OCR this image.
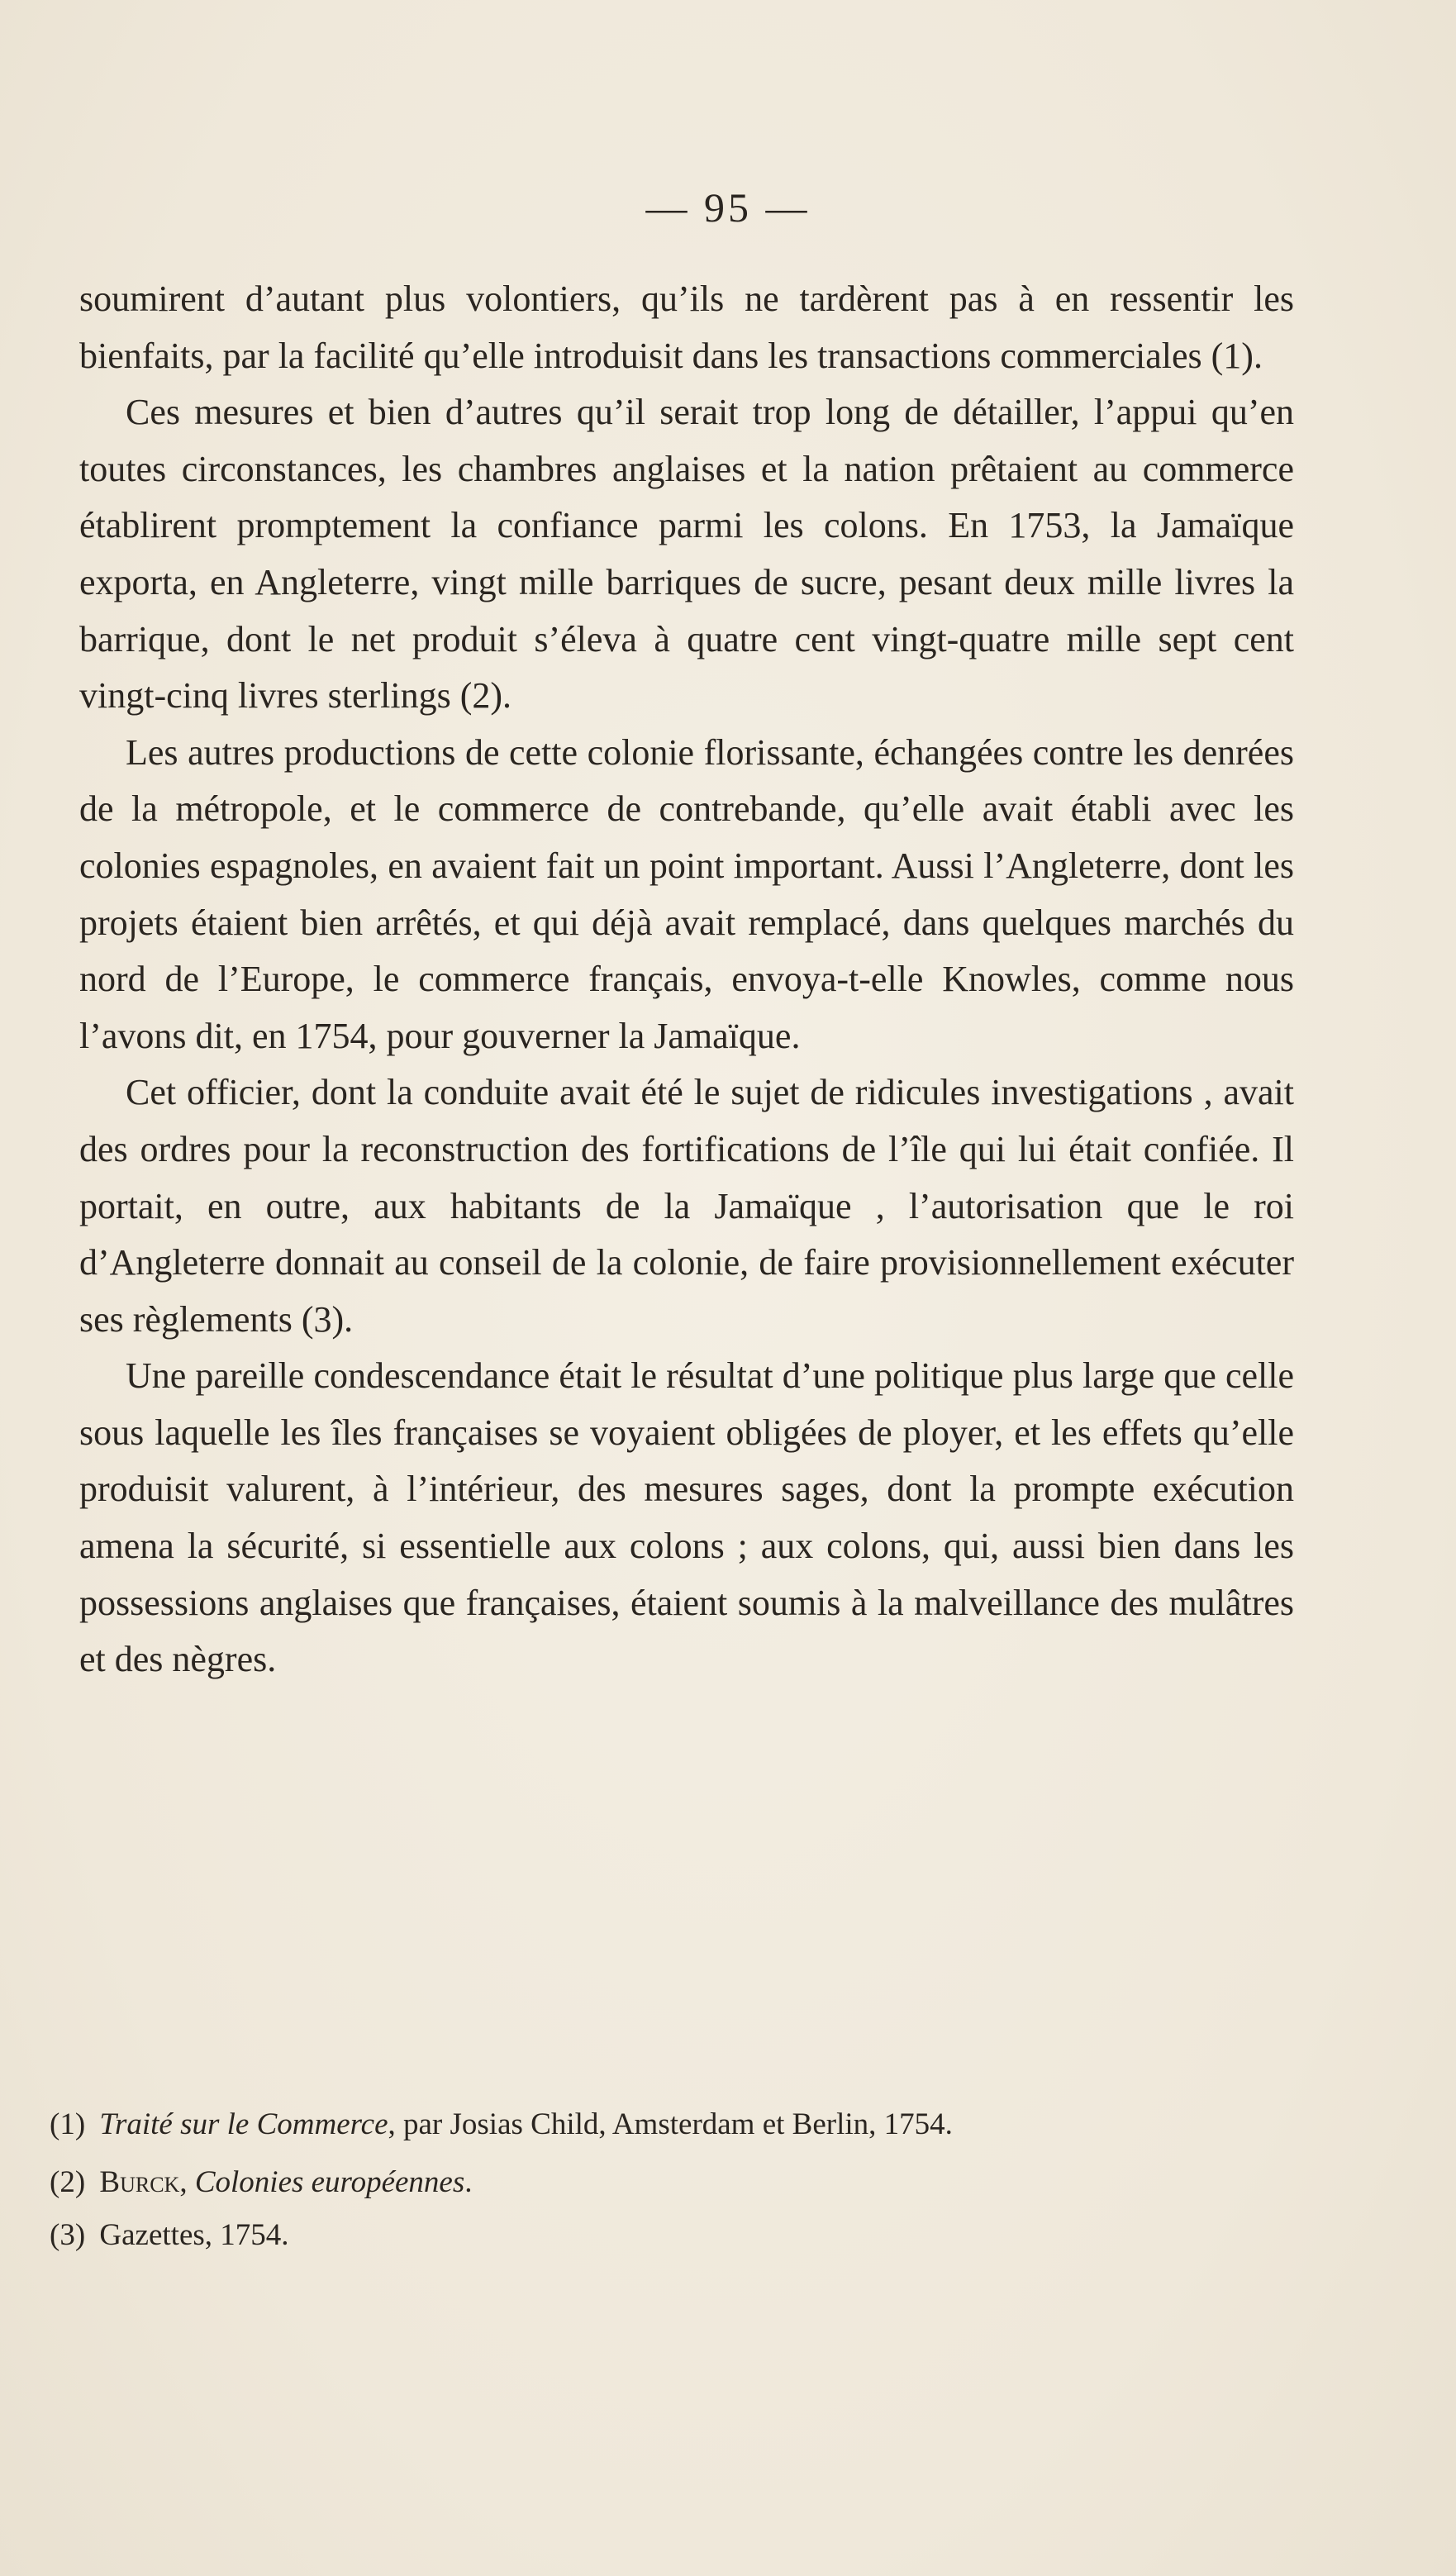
— 95 —

soumirent d’autant plus volontiers, qu’ils ne tardèrent pas à en ressentir les bienfaits, par la facilité qu’elle introduisit dans les transactions commerciales (1).

Ces mesures et bien d’autres qu’il serait trop long de détailler, l’appui qu’en toutes circonstances, les chambres anglaises et la nation prêtaient au commerce établirent promptement la confiance parmi les colons. En 1753, la Jamaïque exporta, en Angleterre, vingt mille barriques de sucre, pesant deux mille livres la barrique, dont le net produit s’éleva à quatre cent vingt-quatre mille sept cent vingt-cinq livres sterlings (2).

Les autres productions de cette colonie florissante, échangées contre les denrées de la métropole, et le commerce de contrebande, qu’elle avait établi avec les colonies espagnoles, en avaient fait un point important. Aussi l’Angleterre, dont les projets étaient bien arrêtés, et qui déjà avait remplacé, dans quelques marchés du nord de l’Europe, le commerce français, envoya-t-elle Knowles, comme nous l’avons dit, en 1754, pour gouverner la Jamaïque.

Cet officier, dont la conduite avait été le sujet de ridicules investigations , avait des ordres pour la reconstruction des fortifications de l’île qui lui était confiée. Il portait, en outre, aux habitants de la Jamaïque , l’autorisation que le roi d’Angleterre donnait au conseil de la colonie, de faire provisionnellement exécuter ses règlements (3).

Une pareille condescendance était le résultat d’une politique plus large que celle sous laquelle les îles françaises se voyaient obligées de ployer, et les effets qu’elle produisit valurent, à l’intérieur, des mesures sages, dont la prompte exécution amena la sécurité, si essentielle aux colons ; aux colons, qui, aussi bien dans les possessions anglaises que françaises, étaient soumis à la malveillance des mulâtres et des nègres.

(1) Traité sur le Commerce, par Josias Child, Amsterdam et Berlin, 1754.

(2) Burck, Colonies européennes.

(3) Gazettes, 1754.
